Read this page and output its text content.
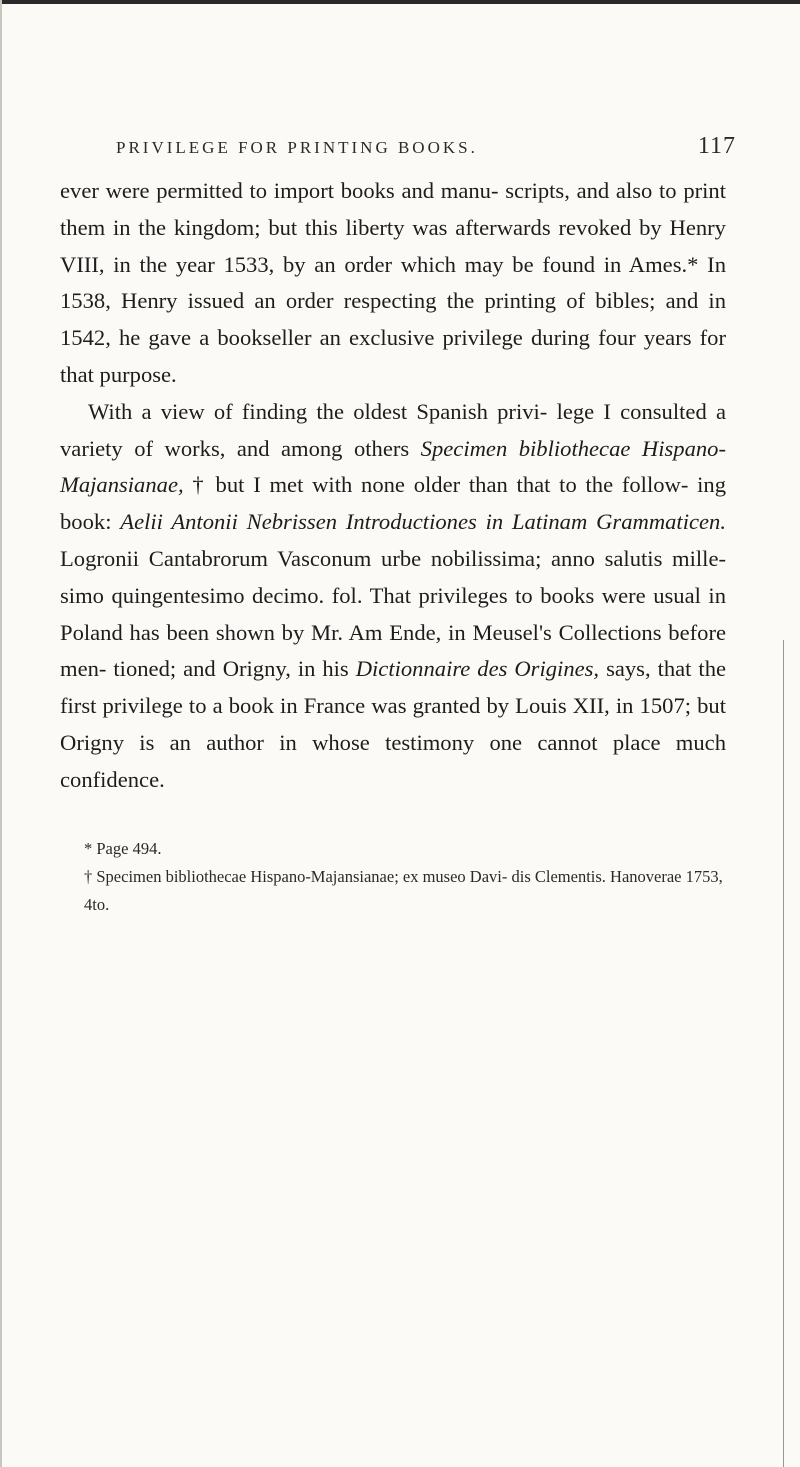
PRIVILEGE FOR PRINTING BOOKS.	117

ever were permitted to import books and manu- scripts, and also to print them in the kingdom; but this liberty was afterwards revoked by Henry VIII, in the year 1533, by an order which may be found in Ames.* In 1538, Henry issued an order respecting the printing of bibles; and in 1542, he gave a bookseller an exclusive privilege during four years for that purpose.

With a view of finding the oldest Spanish privi- lege I consulted a variety of works, and among others Specimen bibliothecae Hispano-Majansianae, † but I met with none older than that to the follow- ing book: Aelii Antonii Nebrissen Introductiones in Latinam Grammaticen. Logronii Cantabrorum Vasconum urbe nobilissima; anno salutis mille- simo quingentesimo decimo. fol. That privileges to books were usual in Poland has been shown by Mr. Am Ende, in Meusel's Collections before men- tioned; and Origny, in his Dictionnaire des Origines, says, that the first privilege to a book in France was granted by Louis XII, in 1507; but Origny is an author in whose testimony one cannot place much confidence.

* Page 494.

† Specimen bibliothecae Hispano-Majansianae; ex museo Davi- dis Clementis. Hanoverae 1753, 4to.
